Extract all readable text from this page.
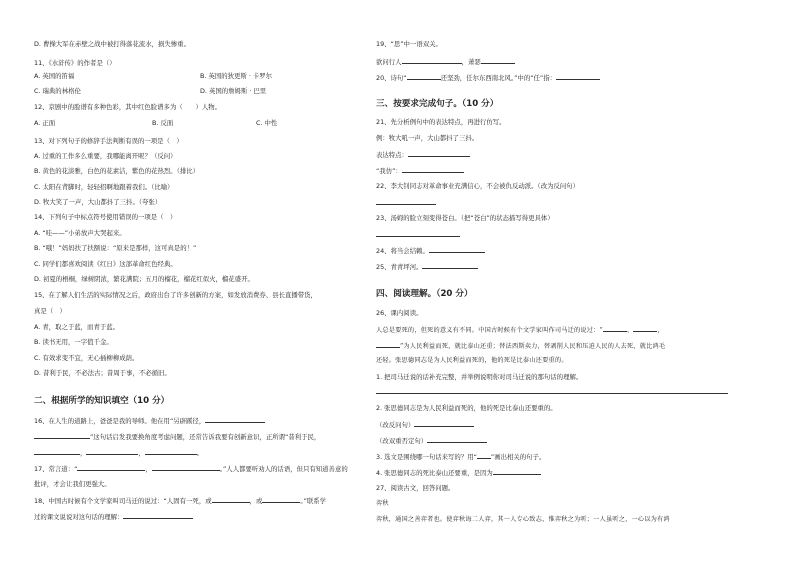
D. 曹操大军在赤壁之战中被打得落花流水，损失惨重。
11、《水浒传》的作者是（）
A. 英国的笛福	B. 英国的狄更斯 · 卡罗尔
C. 瑞典的林格伦	D. 英国的詹姆斯 · 巴里
12、京剧中的脸谱有多种色彩，其中红色脸谱多为（　　）人物。
A. 正面	B. 反面	C. 中性
13、对下列句子的修辞手法判断有误的一项是（　）
A. 过重的工作多么重要，我哪能离开呢？（反问）
B. 黄色的花淡雅，白色的花素洁，紫色的花热烈。（排比）
C. 太阳在背脚时，轻轻招啊地跟着我们。（比喻）
D. 牧大笑了一声，大山都抖了三抖。（夸张）
14、下列句子中标点符号使用错误的一项是（　）
A. “哇——”小弟放声大哭起来。
B. “哦！”妈妈扶了扶额说：“原来是那样，这可真是的！”
C. 同学们都喜欢阅读《红日》这部革命红色经典。
D. 初夏的梧桐，绿树阴浓，繁花满院；五月的榴花，榴花红似火，榴花盛开。
15、在了解人们生活的实际情况之后，政府出台了许多创新的方案，如发放消费券、县长直播带货，
真是（　）
A. 青，取之于蓝，而青于蓝。
B. 读书无用，一字值千金。
C. 有效求变不宜，无心插柳柳成荫。
D. 昔利于民，不必法古；昔周于事，不必循旧。
二、根据所学的知识填空（10 分）
16、在人生的道路上，爸爸是我的导师。他在用“另辟蹊径，
”这句话启发我要换角度考虑问题，还常告诉我要有创新意识，正所谓“昔利于民，
，	，	。
17、常言道：“	，	。”人人都要听劝人的话语，但只有知道善意的
批评，才会让我们更强大。
18、中国古时候有个文学家叫司马迁的说过：“人固有一死，或	，或	。”联系学
过的课文说说对这句话的理解：
19、“思”中一语双关。
欲问行人	，萧瑟
20、诗句“	还坚劲，任尔东西南北风。”中的“任”指：
三、按要求完成句子。（10 分）
21、先分析例句中的表达特点，再进行仿写。
例：牧大吼一声，大山都抖了三抖。
表达特点：
“我仿”：
22、李大钊同志对革命事业充满信心，不会被仇反动派。（改为反问句）
23、汤姆的脸立刻变得苍白。（把“苍白”的状态描写得更具体）
24、将当会结赖。
25、青青坪河。
四、阅读理解。（20 分）
26、课内阅读。
人总是要死的，但死的意义有不同。中国古时候有个文学家叫作司马迁的说过：“	，	，
”为人民利益而死，就比泰山还重；替法西斯卖力，替剥削人民和压迫人民的人去死，就比鸿毛
还轻。张思德同志是为人民利益而死的，他的死是比泰山还要重的。
1. 把司马迁说的话补充完整，并举例说明你对司马迁说的那句话的理解。
2. 张思德同志是为人民利益而死的，他的死是比泰山还要重的。
（改反问句）
（改双重否定句）
3. 选文是围绕哪一句话来写的？用“ ”画出相关的句子。
4. 张思德同志的死比泰山还要重，是因为
27、阅读古文，回答问题。
弈秋
弈秋，通国之善弈者也。使弈秋诲二人弈，其一人专心致志，惟弈秋之为听；一人虽听之，一心以为有鸿
